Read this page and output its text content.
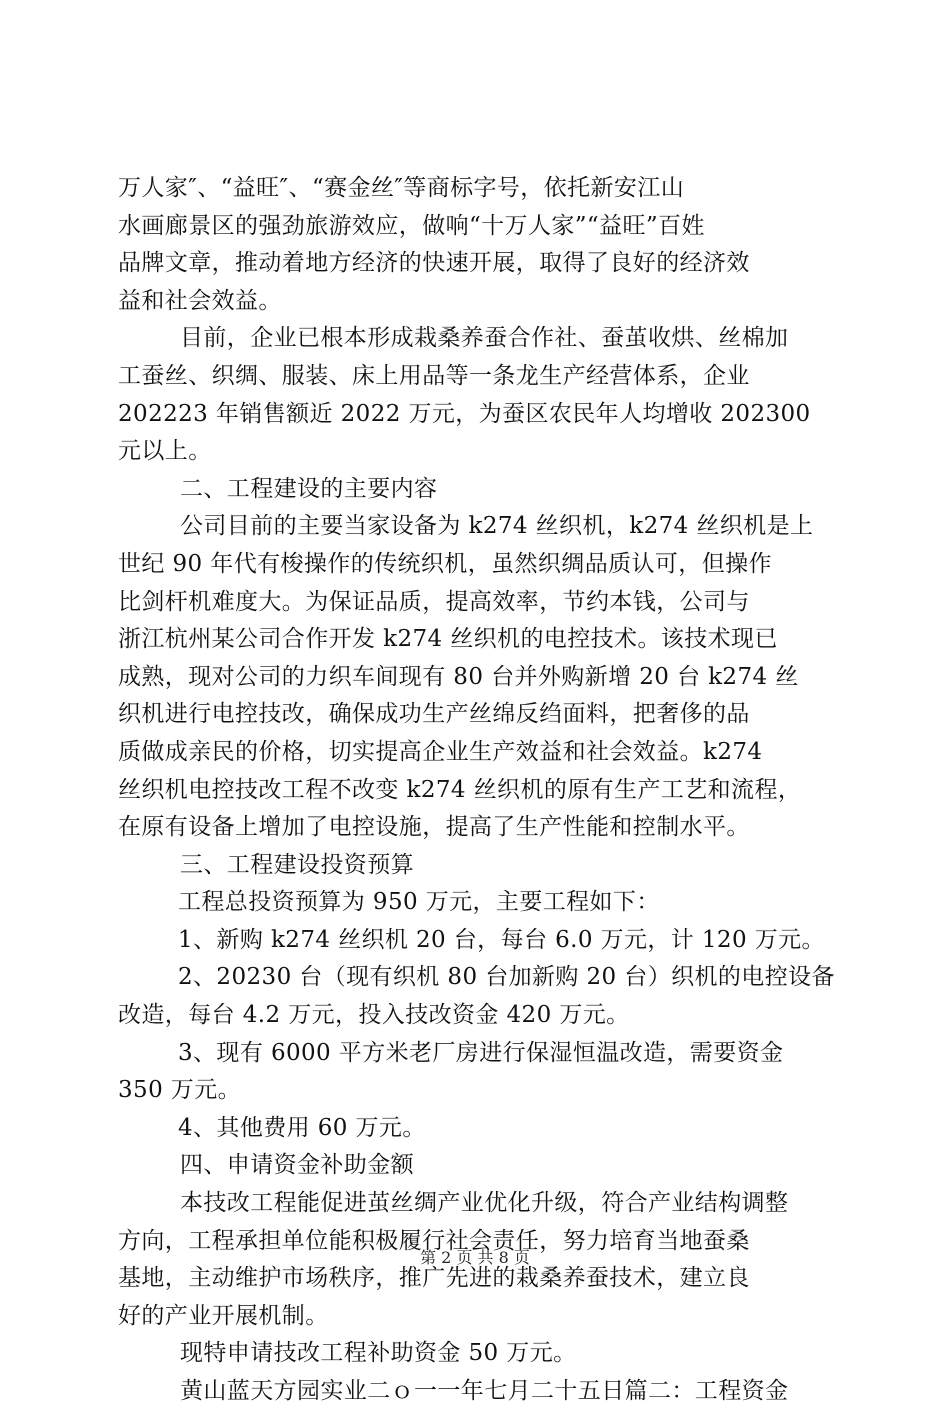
万人家″、“益旺″、“赛金丝″等商标字号，依托新安江山
水画廊景区的强劲旅游效应，做响“十万人家”“益旺”百姓
品牌文章，推动着地方经济的快速开展，取得了良好的经济效
益和社会效益。
目前，企业已根本形成栽桑养蚕合作社、蚕茧收烘、丝棉加
工蚕丝、织绸、服装、床上用品等一条龙生产经营体系，企业
202223 年销售额近 2022 万元，为蚕区农民年人均增收 202300
元以上。
二、工程建设的主要内容
公司目前的主要当家设备为 k274 丝织机，k274 丝织机是上
世纪 90 年代有梭操作的传统织机，虽然织绸品质认可，但操作
比剑杆机难度大。为保证品质，提高效率，节约本钱，公司与
浙江杭州某公司合作开发 k274 丝织机的电控技术。该技术现已
成熟，现对公司的力织车间现有 80 台并外购新增 20 台 k274 丝
织机进行电控技改，确保成功生产丝绵反绉面料，把奢侈的品
质做成亲民的价格，切实提高企业生产效益和社会效益。k274
丝织机电控技改工程不改变 k274 丝织机的原有生产工艺和流程，
在原有设备上增加了电控设施，提高了生产性能和控制水平。
三、工程建设投资预算
工程总投资预算为 950 万元，主要工程如下：
1、新购 k274 丝织机 20 台，每台 6.0 万元，计 120 万元。
2、20230 台（现有织机 80 台加新购 20 台）织机的电控设备
改造，每台 4.2 万元，投入技改资金 420 万元。
3、现有 6000 平方米老厂房进行保湿恒温改造，需要资金
350 万元。
4、其他费用 60 万元。
四、申请资金补助金额
本技改工程能促进茧丝绸产业优化升级，符合产业结构调整
方向，工程承担单位能积极履行社会责任，努力培育当地蚕桑
基地，主动维护市场秩序，推广先进的栽桑养蚕技术，建立良
好的产业开展机制。
现特申请技改工程补助资金 50 万元。
黄山蓝天方园实业二ｏ一一年七月二十五日篇二：工程资金
第 2 页 共 8 页
